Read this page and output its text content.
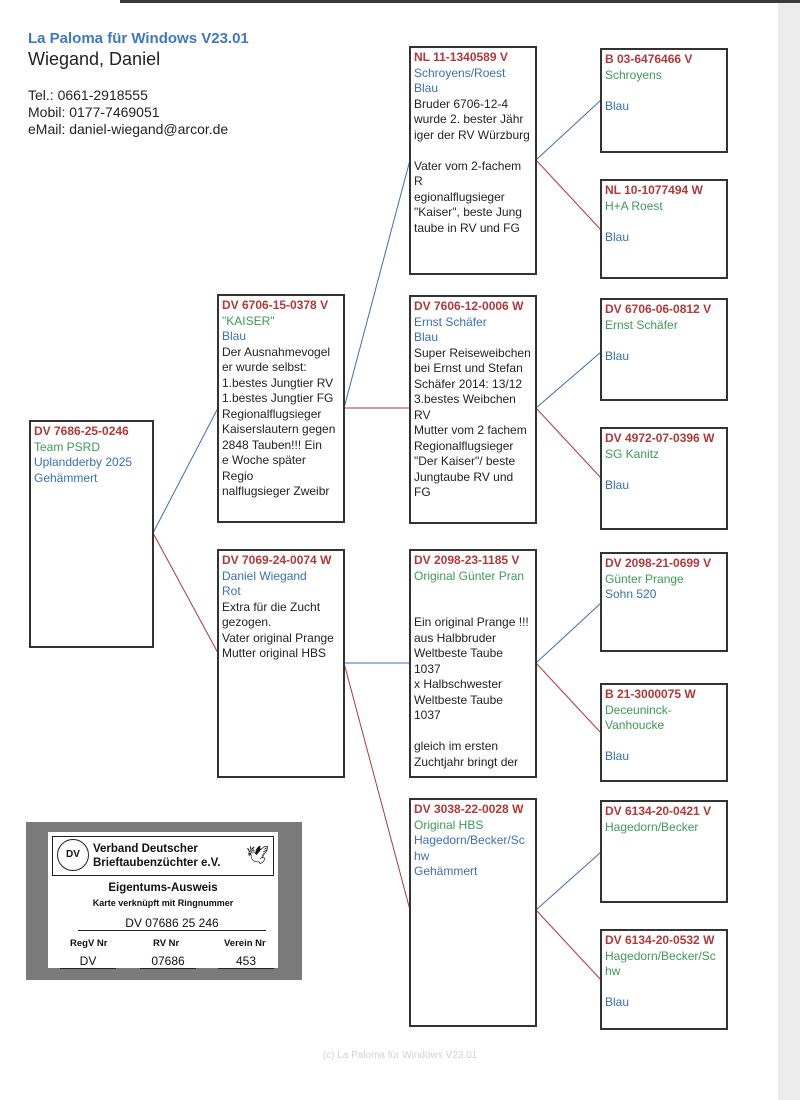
La Paloma für Windows V23.01
Wiegand, Daniel
Tel.: 0661-2918555
Mobil: 0177-7469051
eMail: daniel-wiegand@arcor.de
DV 7686-25-0246
Team PSRD
Uplandderby 2025
Gehämmert
DV 6706-15-0378 V
"KAISER"
Blau
Der Ausnahmevogel
er wurde selbst:
1.bestes Jungtier RV
1.bestes Jungtier FG
Regionalflugsieger
Kaiserslautern gegen
2848 Tauben!!! Ein
e Woche später
Regio
nalflugsieger Zweibr
DV 7069-24-0074 W
Daniel Wiegand
Rot
Extra für die Zucht
gezogen.
Vater original Prange
Mutter original HBS
NL 11-1340589 V
Schroyens/Roest
Blau
Bruder 6706-12-4
wurde 2. bester Jähr
iger der RV Würzburg

Vater vom 2-fachem
R
egionalflugsieger
"Kaiser", beste Jung
taube in RV und FG
DV 7606-12-0006 W
Ernst Schäfer
Blau
Super Reiseweibchen
bei Ernst und Stefan
Schäfer 2014: 13/12
3.bestes Weibchen
RV
Mutter vom 2 fachem
Regionalflugsieger
"Der Kaiser"/ beste
Jungtaube RV und
FG
DV 2098-23-1185 V
Original Günter Pran

Ein original Prange !!!
aus Halbbruder
Weltbeste Taube
1037
x Halbschwester
Weltbeste Taube
1037

gleich im ersten
Zuchtjahr bringt der
DV 3038-22-0028 W
Original HBS
Hagedorn/Becker/Sc
hw
Gehämmert
B 03-6476466 V
Schroyens

Blau
NL 10-1077494 W
H+A Roest

Blau
DV 6706-06-0812 V
Ernst Schäfer

Blau
DV 4972-07-0396 W
SG Kanitz

Blau
DV 2098-21-0699 V
Günter Prange
Sohn 520
B 21-3000075 W
Deceuninck-
Vanhoucke

Blau
DV 6134-20-0421 V
Hagedorn/Becker
DV 6134-20-0532 W
Hagedorn/Becker/Sc
hw

Blau
DV	Verband Deutscher
Brieftaubenzüchter e.V. 🕊
Eigentums-Ausweis
Karte verknüpft mit Ringnummer
DV 07686 25 246
RegV Nr	RV Nr	Verein Nr
DV	07686	453
(c) La Paloma für Windows V23.01
